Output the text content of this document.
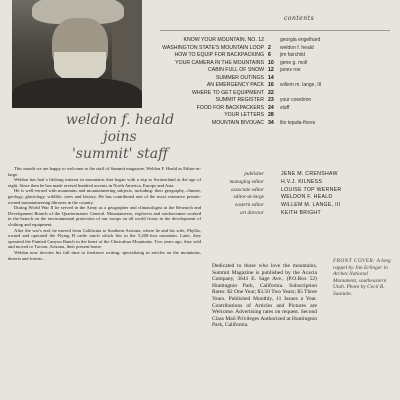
weldon f. heald
joins
'summit' staff

This month we are happy to welcome to the staff of Summit magazine, Weldon F. Heald as Editor-at-large.

Weldon has had a lifelong interest in mountains that began with a trip to Switzerland at the age of eight. Since then he has made several hundred ascents in North America, Europe and Asia.

He is well-versed with mountains and mountaineering subjects, including: their geography, climate, geology, glaciology, wildlife, trees and history. He has contributed one of the most extensive private-owned mountaineering libraries in the country.

During World War II he served in the Army as a geographer and climatologist in the Research and Development Branch of the Quartermaster General. Mountaineers, explorers and outdoorsmen worked in the branch on the environmental protection of our troops on all world fronts in the development of clothing and equipment.

After the war's end, he moved from California to Southern Arizona, where he and his wife, Phyllis, owned and operated the Flying H cattle ranch which lies in the 5,200-foot mountain. Later, they operated the Painted Canyon Ranch in the heart of the Chiricahua Mountains. Two years ago, they sold and moved to Tucson, Arizona, their present home.

Weldon now devotes his full time to freelance writing, specializing in articles on the mountains, deserts and forests...

contents
KNOW YOUR MOUNTAIN, NO. 12	georgia engelhard
WASHINGTON STATE'S MOUNTAIN LOOP 2	weldon f. heald
HOW TO EQUIP FOR BACKPACKING 6	jim fairchild
YOUR CAMERA IN THE MOUNTAINS 10	gene g. moll
CABIN FULL OF SNOW 12	janes roe
SUMMER OUTINGS 14
AN EMERGENCY PACK 16	willem m. lange, III
WHERE TO GET EQUIPMENT 22
SUMMIT REGISTER 23	your cowdoon
FOOD FOR BACKPACKERS 24	staff
YOUR LETTERS 28
MOUNTAIN BIVOUAC 34	lito tejada-flores
publisher	JENE M. CRENSHAW
managing editor	H.V.J. KILNESS
associate editor	LOUISE TOP WERNER
editor-at-large	WELDON F. HEALD
eastern editor	WILLEM M. LANGE, III
art director	KEITH BRIGHT
Dedicated to those who love the mountains, Summit Magazine is published by the Acacia Company, 3641 E. Sage Ave., (P.O.Box 52) Huntington Park, California. Subscription Rates: $2 One Year; $3.50 Two Years; $5 Three Years. Published Monthly, 11 Issues a Year. Contributions of Articles and Pictures are Welcome. Advertising rates on request. Second Class Mail Privileges Authorized at Huntington Park, California.
FRONT COVER: A long rappel by Jim Erlinger in Arches National Monument, southeastern Utah. Photo by Cecil R. Sauluite.
